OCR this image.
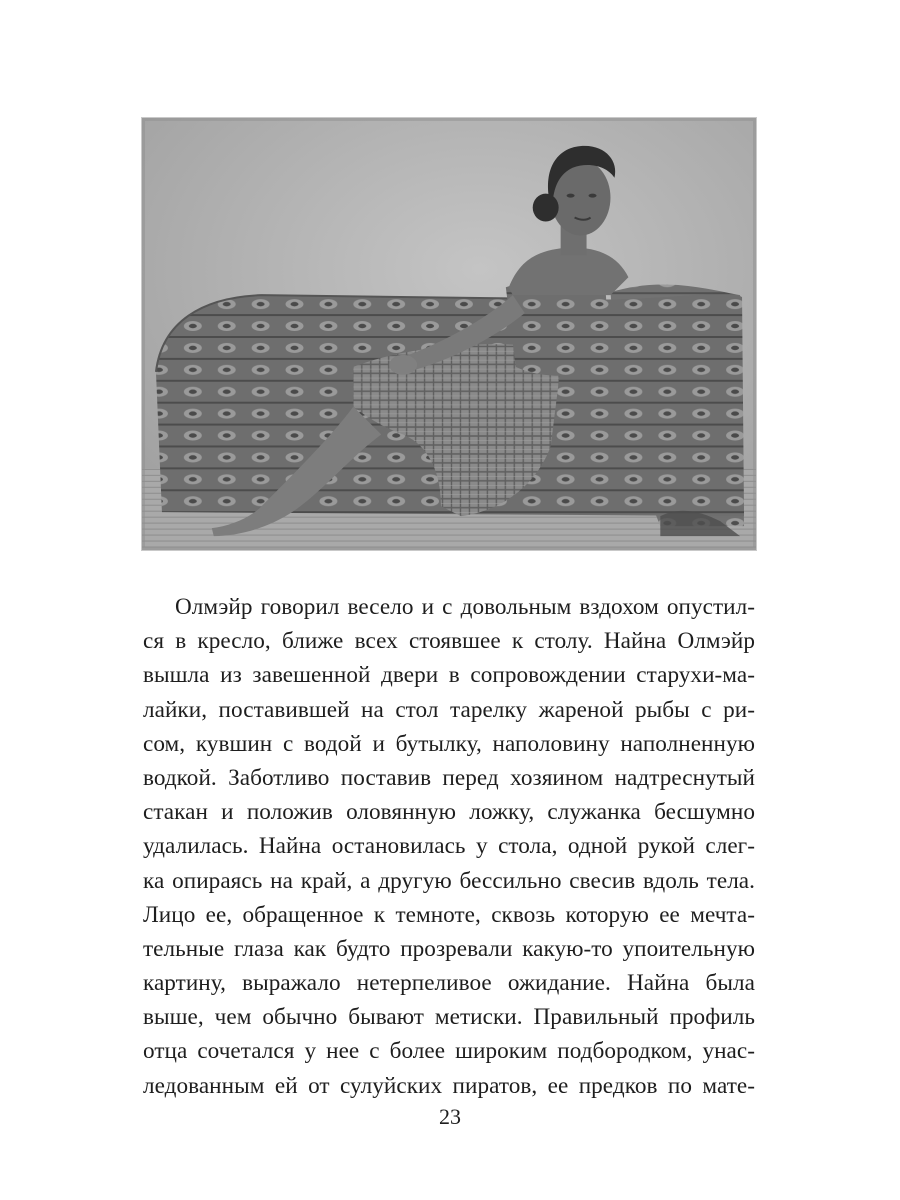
Олмэйр говорил весело и с довольным вздохом опустил-
ся в кресло, ближе всех стоявшее к столу. Найна Олмэйр
вышла из завешенной двери в сопровождении старухи-ма-
лайки, поставившей на стол тарелку жареной рыбы с ри-
сом, кувшин с водой и бутылку, наполовину наполненную
водкой. Заботливо поставив перед хозяином надтреснутый
стакан и положив оловянную ложку, служанка бесшумно
удалилась. Найна остановилась у стола, одной рукой слег-
ка опираясь на край, а другую бессильно свесив вдоль тела.
Лицо ее, обращенное к темноте, сквозь которую ее мечта-
тельные глаза как будто прозревали какую-то упоительную
картину, выражало нетерпеливое ожидание. Найна была
выше, чем обычно бывают метиски. Правильный профиль
отца сочетался у нее с более широким подбородком, унас-
ледованным ей от сулуйских пиратов, ее предков по мате-
23
